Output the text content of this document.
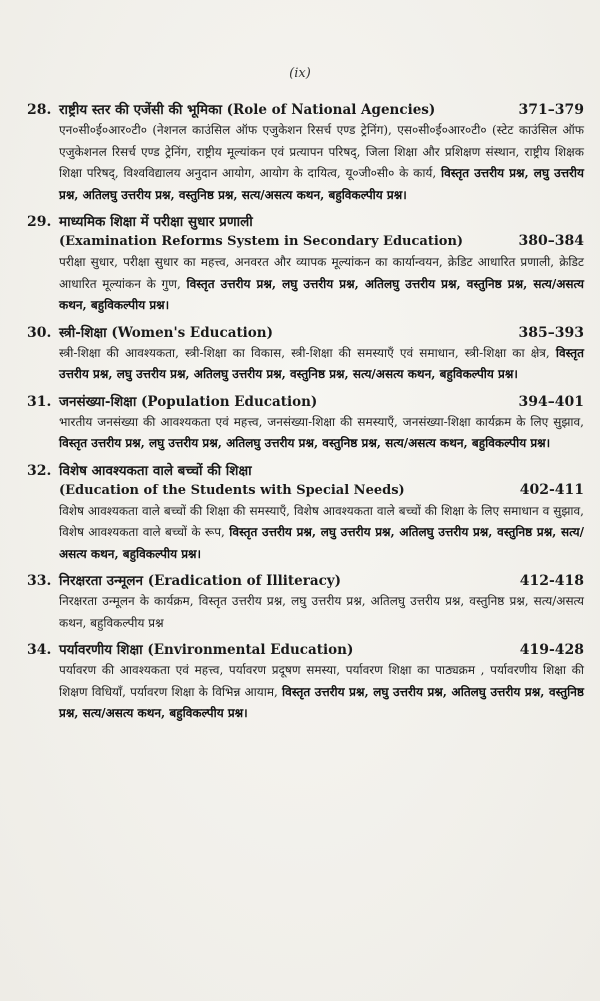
(ix)
28. राष्ट्रीय स्तर की एजेंसी की भूमिका (Role of National Agencies)	371–379
एन०सी०ई०आर०टी० (नेशनल काउंसिल ऑफ एजुकेशन रिसर्च एण्ड ट्रेनिंग), एस०सी०ई०आर०टी० (स्टेट काउंसिल ऑफ एजुकेशनल रिसर्च एण्ड ट्रेनिंग, राष्ट्रीय मूल्यांकन एवं प्रत्यापन परिषद्, जिला शिक्षा और प्रशिक्षण संस्थान, राष्ट्रीय शिक्षक शिक्षा परिषद्, विश्वविद्यालय अनुदान आयोग, आयोग के दायित्व, यू०जी०सी० के कार्य, विस्तृत उत्तरीय प्रश्न, लघु उत्तरीय प्रश्न, अतिलघु उत्तरीय प्रश्न, वस्तुनिष्ठ प्रश्न, सत्य/असत्य कथन, बहुविकल्पीय प्रश्न।
29. माध्यमिक शिक्षा में परीक्षा सुधार प्रणाली
(Examination Reforms System in Secondary Education)	380–384
परीक्षा सुधार, परीक्षा सुधार का महत्त्व, अनवरत और व्यापक मूल्यांकन का कार्यान्वयन, क्रेडिट आधारित प्रणाली, क्रेडिट आधारित मूल्यांकन के गुण, विस्तृत उत्तरीय प्रश्न, लघु उत्तरीय प्रश्न, अतिलघु उत्तरीय प्रश्न, वस्तुनिष्ठ प्रश्न, सत्य/असत्य कथन, बहुविकल्पीय प्रश्न।
30. स्त्री-शिक्षा (Women's Education)	385–393
स्त्री-शिक्षा की आवश्यकता, स्त्री-शिक्षा का विकास, स्त्री-शिक्षा की समस्याएँ एवं समाधान, स्त्री-शिक्षा का क्षेत्र, विस्तृत उत्तरीय प्रश्न, लघु उत्तरीय प्रश्न, अतिलघु उत्तरीय प्रश्न, वस्तुनिष्ठ प्रश्न, सत्य/असत्य कथन, बहुविकल्पीय प्रश्न।
31. जनसंख्या-शिक्षा (Population Education)	394–401
भारतीय जनसंख्या की आवश्यकता एवं महत्त्व, जनसंख्या-शिक्षा की समस्याएँ, जनसंख्या-शिक्षा कार्यक्रम के लिए सुझाव, विस्तृत उत्तरीय प्रश्न, लघु उत्तरीय प्रश्न, अतिलघु उत्तरीय प्रश्न, वस्तुनिष्ठ प्रश्न, सत्य/असत्य कथन, बहुविकल्पीय प्रश्न।
32. विशेष आवश्यकता वाले बच्चों की शिक्षा
(Education of the Students with Special Needs)	402-411
विशेष आवश्यकता वाले बच्चों की शिक्षा की समस्याएँ, विशेष आवश्यकता वाले बच्चों की शिक्षा के लिए समाधान व सुझाव, विशेष आवश्यकता वाले बच्चों के रूप, विस्तृत उत्तरीय प्रश्न, लघु उत्तरीय प्रश्न, अतिलघु उत्तरीय प्रश्न, वस्तुनिष्ठ प्रश्न, सत्य/असत्य कथन, बहुविकल्पीय प्रश्न।
33. निरक्षरता उन्मूलन (Eradication of Illiteracy)	412-418
निरक्षरता उन्मूलन के कार्यक्रम, विस्तृत उत्तरीय प्रश्न, लघु उत्तरीय प्रश्न, अतिलघु उत्तरीय प्रश्न, वस्तुनिष्ठ प्रश्न, सत्य/असत्य कथन, बहुविकल्पीय प्रश्न
34. पर्यावरणीय शिक्षा (Environmental Education)	419-428
पर्यावरण की आवश्यकता एवं महत्त्व, पर्यावरण प्रदूषण समस्या, पर्यावरण शिक्षा का पाठ्यक्रम , पर्यावरणीय शिक्षा की शिक्षण विधियाँ, पर्यावरण शिक्षा के विभिन्न आयाम, विस्तृत उत्तरीय प्रश्न, लघु उत्तरीय प्रश्न, अतिलघु उत्तरीय प्रश्न, वस्तुनिष्ठ प्रश्न, सत्य/असत्य कथन, बहुविकल्पीय प्रश्न।
